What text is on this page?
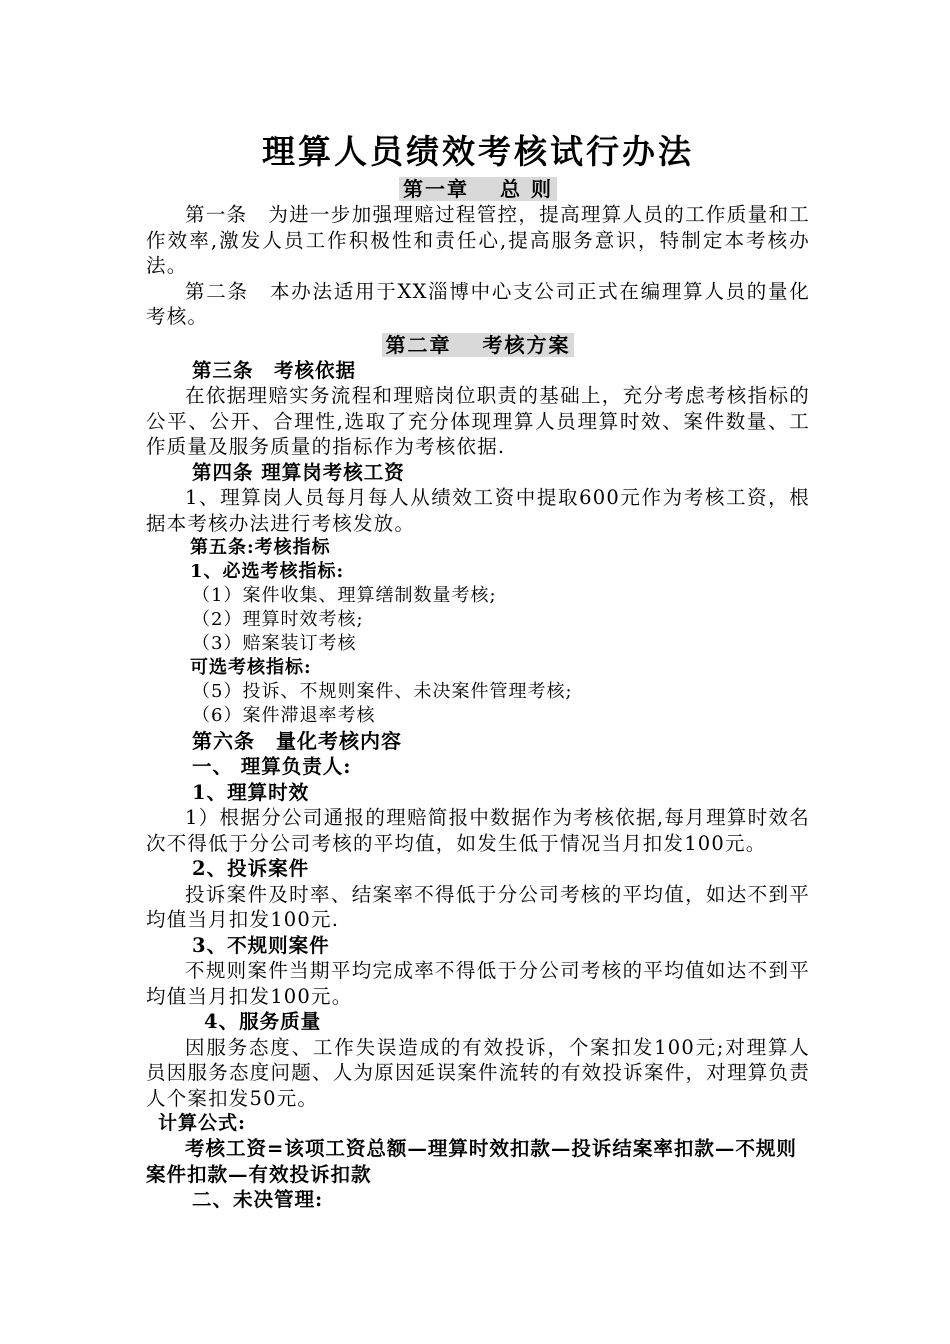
理算人员绩效考核试行办法

第一章　 总 则

第一条　为进一步加强理赔过程管控，提高理算人员的工作质量和工作效率,激发人员工作积极性和责任心,提高服务意识，特制定本考核办法。

第二条　本办法适用于XX淄博中心支公司正式在编理算人员的量化考核。

第二章　 考核方案

第三条　考核依据

在依据理赔实务流程和理赔岗位职责的基础上，充分考虑考核指标的公平、公开、合理性,选取了充分体现理算人员理算时效、案件数量、工作质量及服务质量的指标作为考核依据.

第四条 理算岗考核工资

1、理算岗人员每月每人从绩效工资中提取600元作为考核工资，根据本考核办法进行考核发放。

第五条:考核指标

1、必选考核指标:

（1）案件收集、理算缮制数量考核;

（2）理算时效考核;

（3）赔案装订考核

可选考核指标:

（5）投诉、不规则案件、未决案件管理考核;

（6）案件滞退率考核

第六条　量化考核内容

一、 理算负责人:

1、理算时效

1）根据分公司通报的理赔简报中数据作为考核依据,每月理算时效名次不得低于分公司考核的平均值，如发生低于情况当月扣发100元。

2、投诉案件

投诉案件及时率、结案率不得低于分公司考核的平均值，如达不到平均值当月扣发100元.

3、不规则案件

不规则案件当期平均完成率不得低于分公司考核的平均值如达不到平均值当月扣发100元。

4、服务质量

因服务态度、工作失误造成的有效投诉，个案扣发100元;对理算人员因服务态度问题、人为原因延误案件流转的有效投诉案件，对理算负责人个案扣发50元。

计算公式:

考核工资=该项工资总额—理算时效扣款—投诉结案率扣款—不规则案件扣款—有效投诉扣款

二、未决管理:
